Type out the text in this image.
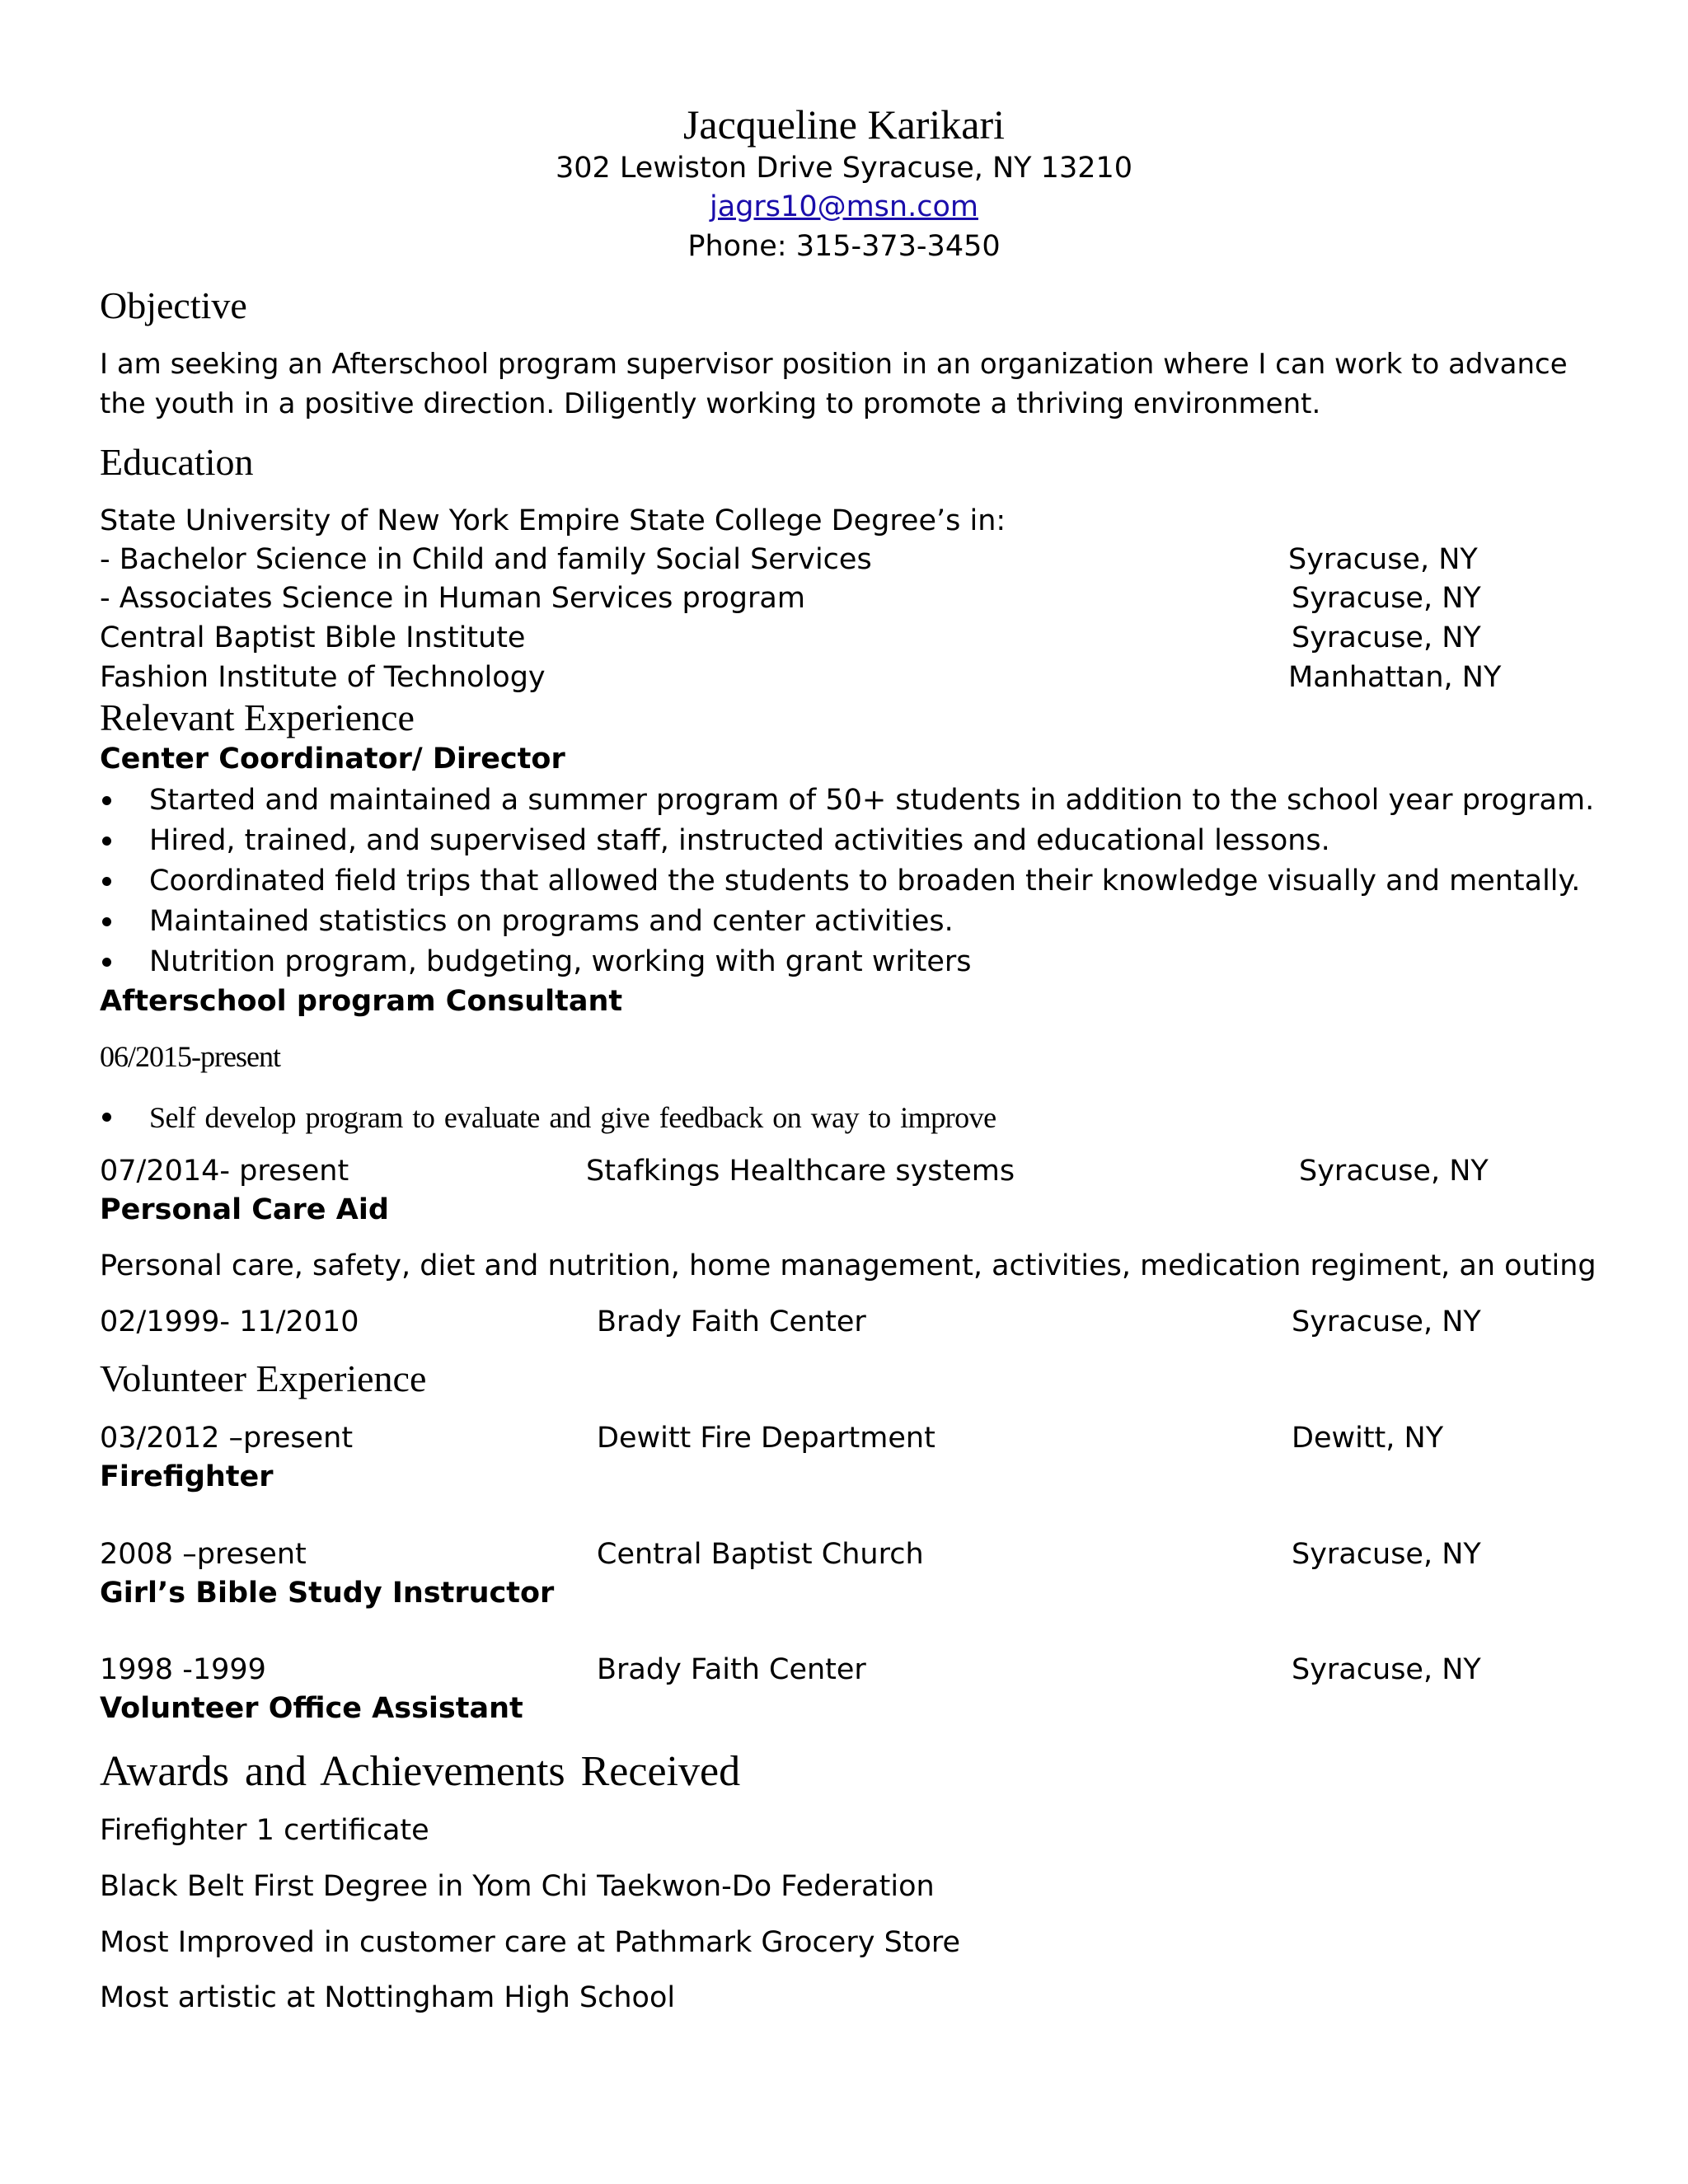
Jacqueline Karikari
302 Lewiston Drive Syracuse, NY 13210
jagrs10@msn.com
Phone: 315-373-3450
Objective
I am seeking an Afterschool program supervisor position in an organization where I can work to advance
the youth in a positive direction. Diligently working to promote a thriving environment.
Education
State University of New York Empire State College Degree’s in:
- Bachelor Science in Child and family Social Services	Syracuse, NY
- Associates Science in Human Services program	Syracuse, NY
Central Baptist Bible Institute	Syracuse, NY
Fashion Institute of Technology	Manhattan, NY
Relevant Experience
Center Coordinator/ Director
Started and maintained a summer program of 50+ students in addition to the school year program.
Hired, trained, and supervised staff, instructed activities and educational lessons.
Coordinated field trips that allowed the students to broaden their knowledge visually and mentally.
Maintained statistics on programs and center activities.
Nutrition program, budgeting, working with grant writers
Afterschool program Consultant
06/2015-present
Self develop program to evaluate and give feedback on way to improve
07/2014- present	Stafkings Healthcare systems	Syracuse, NY
Personal Care Aid
Personal care, safety, diet and nutrition, home management, activities, medication regiment, an outing
02/1999- 11/2010	Brady Faith Center	Syracuse, NY
Volunteer Experience
03/2012 –present	Dewitt Fire Department	Dewitt, NY
Firefighter
2008 –present	Central Baptist Church	Syracuse, NY
Girl’s Bible Study Instructor
1998 -1999	Brady Faith Center	Syracuse, NY
Volunteer Office Assistant
Awards and Achievements Received
Firefighter 1 certificate
Black Belt First Degree in Yom Chi Taekwon-Do Federation
Most Improved in customer care at Pathmark Grocery Store
Most artistic at Nottingham High School
